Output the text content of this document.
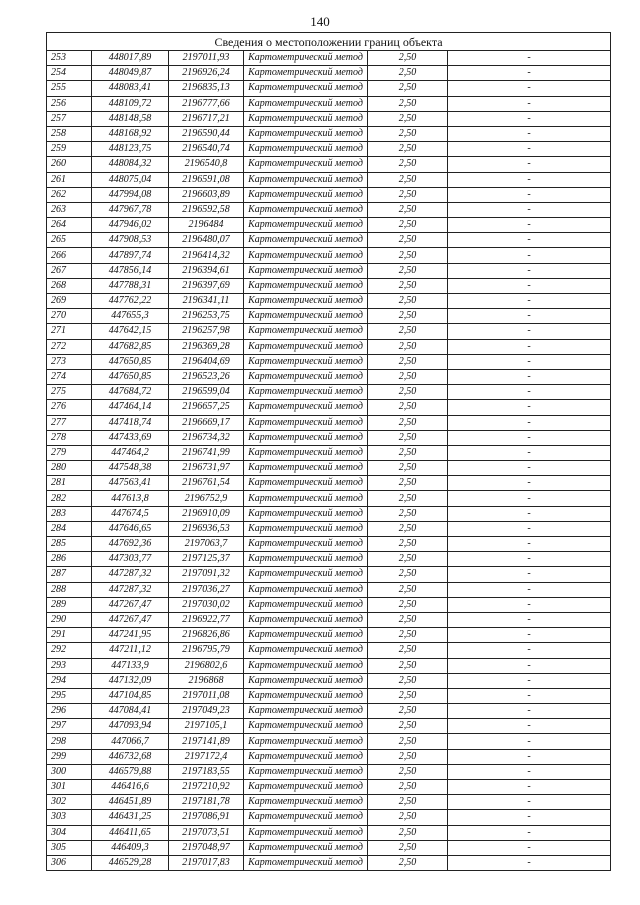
140
Сведения о местоположении границ объекта					
253	448017,89	2197011,93	Картометрический метод	2,50	-
254	448049,87	2196926,24	Картометрический метод	2,50	-
255	448083,41	2196835,13	Картометрический метод	2,50	-
256	448109,72	2196777,66	Картометрический метод	2,50	-
257	448148,58	2196717,21	Картометрический метод	2,50	-
258	448168,92	2196590,44	Картометрический метод	2,50	-
259	448123,75	2196540,74	Картометрический метод	2,50	-
260	448084,32	2196540,8	Картометрический метод	2,50	-
261	448075,04	2196591,08	Картометрический метод	2,50	-
262	447994,08	2196603,89	Картометрический метод	2,50	-
263	447967,78	2196592,58	Картометрический метод	2,50	-
264	447946,02	2196484	Картометрический метод	2,50	-
265	447908,53	2196480,07	Картометрический метод	2,50	-
266	447897,74	2196414,32	Картометрический метод	2,50	-
267	447856,14	2196394,61	Картометрический метод	2,50	-
268	447788,31	2196397,69	Картометрический метод	2,50	-
269	447762,22	2196341,11	Картометрический метод	2,50	-
270	447655,3	2196253,75	Картометрический метод	2,50	-
271	447642,15	2196257,98	Картометрический метод	2,50	-
272	447682,85	2196369,28	Картометрический метод	2,50	-
273	447650,85	2196404,69	Картометрический метод	2,50	-
274	447650,85	2196523,26	Картометрический метод	2,50	-
275	447684,72	2196599,04	Картометрический метод	2,50	-
276	447464,14	2196657,25	Картометрический метод	2,50	-
277	447418,74	2196669,17	Картометрический метод	2,50	-
278	447433,69	2196734,32	Картометрический метод	2,50	-
279	447464,2	2196741,99	Картометрический метод	2,50	-
280	447548,38	2196731,97	Картометрический метод	2,50	-
281	447563,41	2196761,54	Картометрический метод	2,50	-
282	447613,8	2196752,9	Картометрический метод	2,50	-
283	447674,5	2196910,09	Картометрический метод	2,50	-
284	447646,65	2196936,53	Картометрический метод	2,50	-
285	447692,36	2197063,7	Картометрический метод	2,50	-
286	447303,77	2197125,37	Картометрический метод	2,50	-
287	447287,32	2197091,32	Картометрический метод	2,50	-
288	447287,32	2197036,27	Картометрический метод	2,50	-
289	447267,47	2197030,02	Картометрический метод	2,50	-
290	447267,47	2196922,77	Картометрический метод	2,50	-
291	447241,95	2196826,86	Картометрический метод	2,50	-
292	447211,12	2196795,79	Картометрический метод	2,50	-
293	447133,9	2196802,6	Картометрический метод	2,50	-
294	447132,09	2196868	Картометрический метод	2,50	-
295	447104,85	2197011,08	Картометрический метод	2,50	-
296	447084,41	2197049,23	Картометрический метод	2,50	-
297	447093,94	2197105,1	Картометрический метод	2,50	-
298	447066,7	2197141,89	Картометрический метод	2,50	-
299	446732,68	2197172,4	Картометрический метод	2,50	-
300	446579,88	2197183,55	Картометрический метод	2,50	-
301	446416,6	2197210,92	Картометрический метод	2,50	-
302	446451,89	2197181,78	Картометрический метод	2,50	-
303	446431,25	2197086,91	Картометрический метод	2,50	-
304	446411,65	2197073,51	Картометрический метод	2,50	-
305	446409,3	2197048,97	Картометрический метод	2,50	-
306	446529,28	2197017,83	Картометрический метод	2,50	-
